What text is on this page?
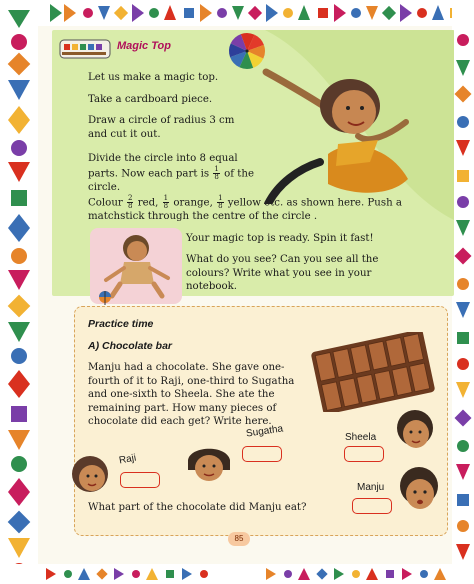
Magic Top
Let us make a magic top.
Take a cardboard piece.
Draw a circle of radius 3 cm
and cut it out.
Divide the circle into 8 equal
parts. Now each part is $\frac{1}{8}$ of the
circle.
Colour $\frac{2}{8}$ red, $\frac{1}{8}$ orange, $\frac{1}{8}$ yellow etc. as shown here. Push a
matchstick through the centre of the circle .
Your magic top is ready. Spin it fast!
What do you see? Can you see all the
colours? Write what you see in your
notebook.
Practice time
A) Chocolate bar
Manju had a chocolate. She gave one-
fourth of it to Raji, one-third to Sugatha
and one-sixth to Sheela. She ate the
remaining part. How many pieces of
chocolate did each get? Write here.
Raji
Sugatha	Sheela
Manju
What part of the chocolate did Manju eat?
85
